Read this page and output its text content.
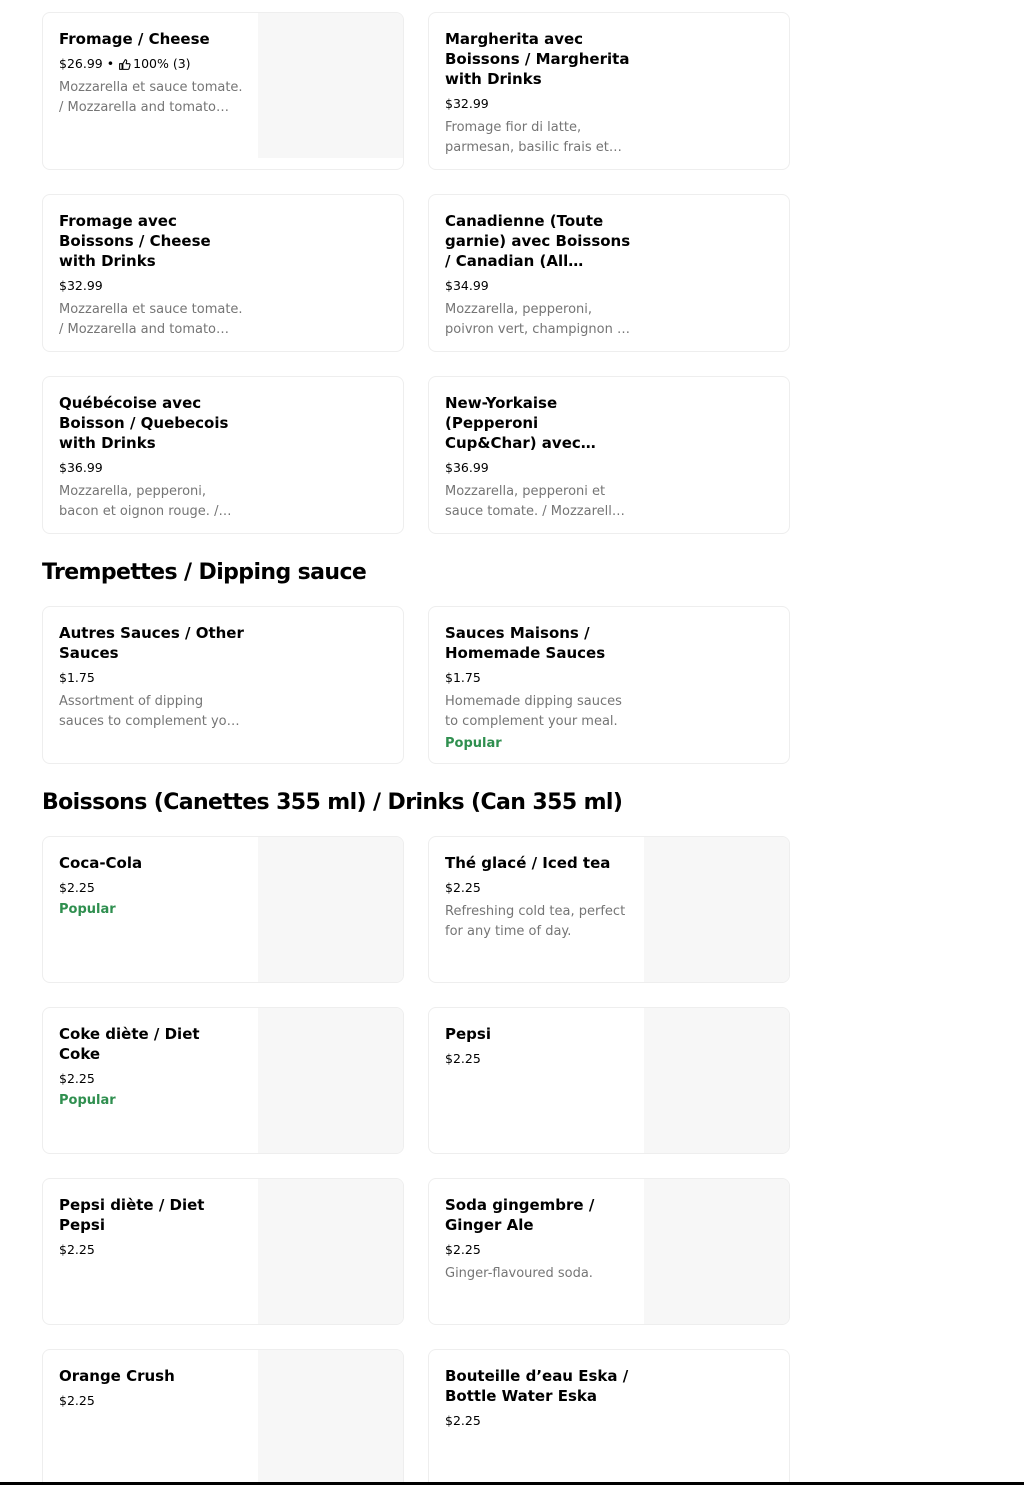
Fromage / Cheese
$26.99 • 100% (3)
Mozzarella et sauce tomate. / Mozzarella and tomato
Margherita avec Boissons / Margherita with Drinks
$32.99
Fromage fior di latte, parmesan, basilic frais et
Fromage avec Boissons / Cheese with Drinks
$32.99
Mozzarella et sauce tomate. / Mozzarella and tomato
Canadienne (Toute garnie) avec Boissons / Canadian (All
$34.99
Mozzarella, pepperoni, poivron vert, champignon et
Québécoise avec Boisson / Quebecois with Drinks
$36.99
Mozzarella, pepperoni, bacon et oignon rouge. /
New-Yorkaise (Pepperoni Cup&Char) avec
$36.99
Mozzarella, pepperoni et sauce tomate. / Mozzarella,
Trempettes / Dipping sauce
Autres Sauces / Other Sauces
$1.75
Assortment of dipping sauces to complement your
Sauces Maisons / Homemade Sauces
$1.75
Homemade dipping sauces to complement your meal.
Popular
Boissons (Canettes 355 ml) / Drinks (Can 355 ml)
Coca-Cola
$2.25
Popular
Thé glacé / Iced tea
$2.25
Refreshing cold tea, perfect for any time of day.
Coke diète / Diet Coke
$2.25
Popular
Pepsi
$2.25
Pepsi diète / Diet Pepsi
$2.25
Soda gingembre / Ginger Ale
$2.25
Ginger-flavoured soda.
Orange Crush
$2.25
Bouteille d’eau Eska / Bottle Water Eska
$2.25
